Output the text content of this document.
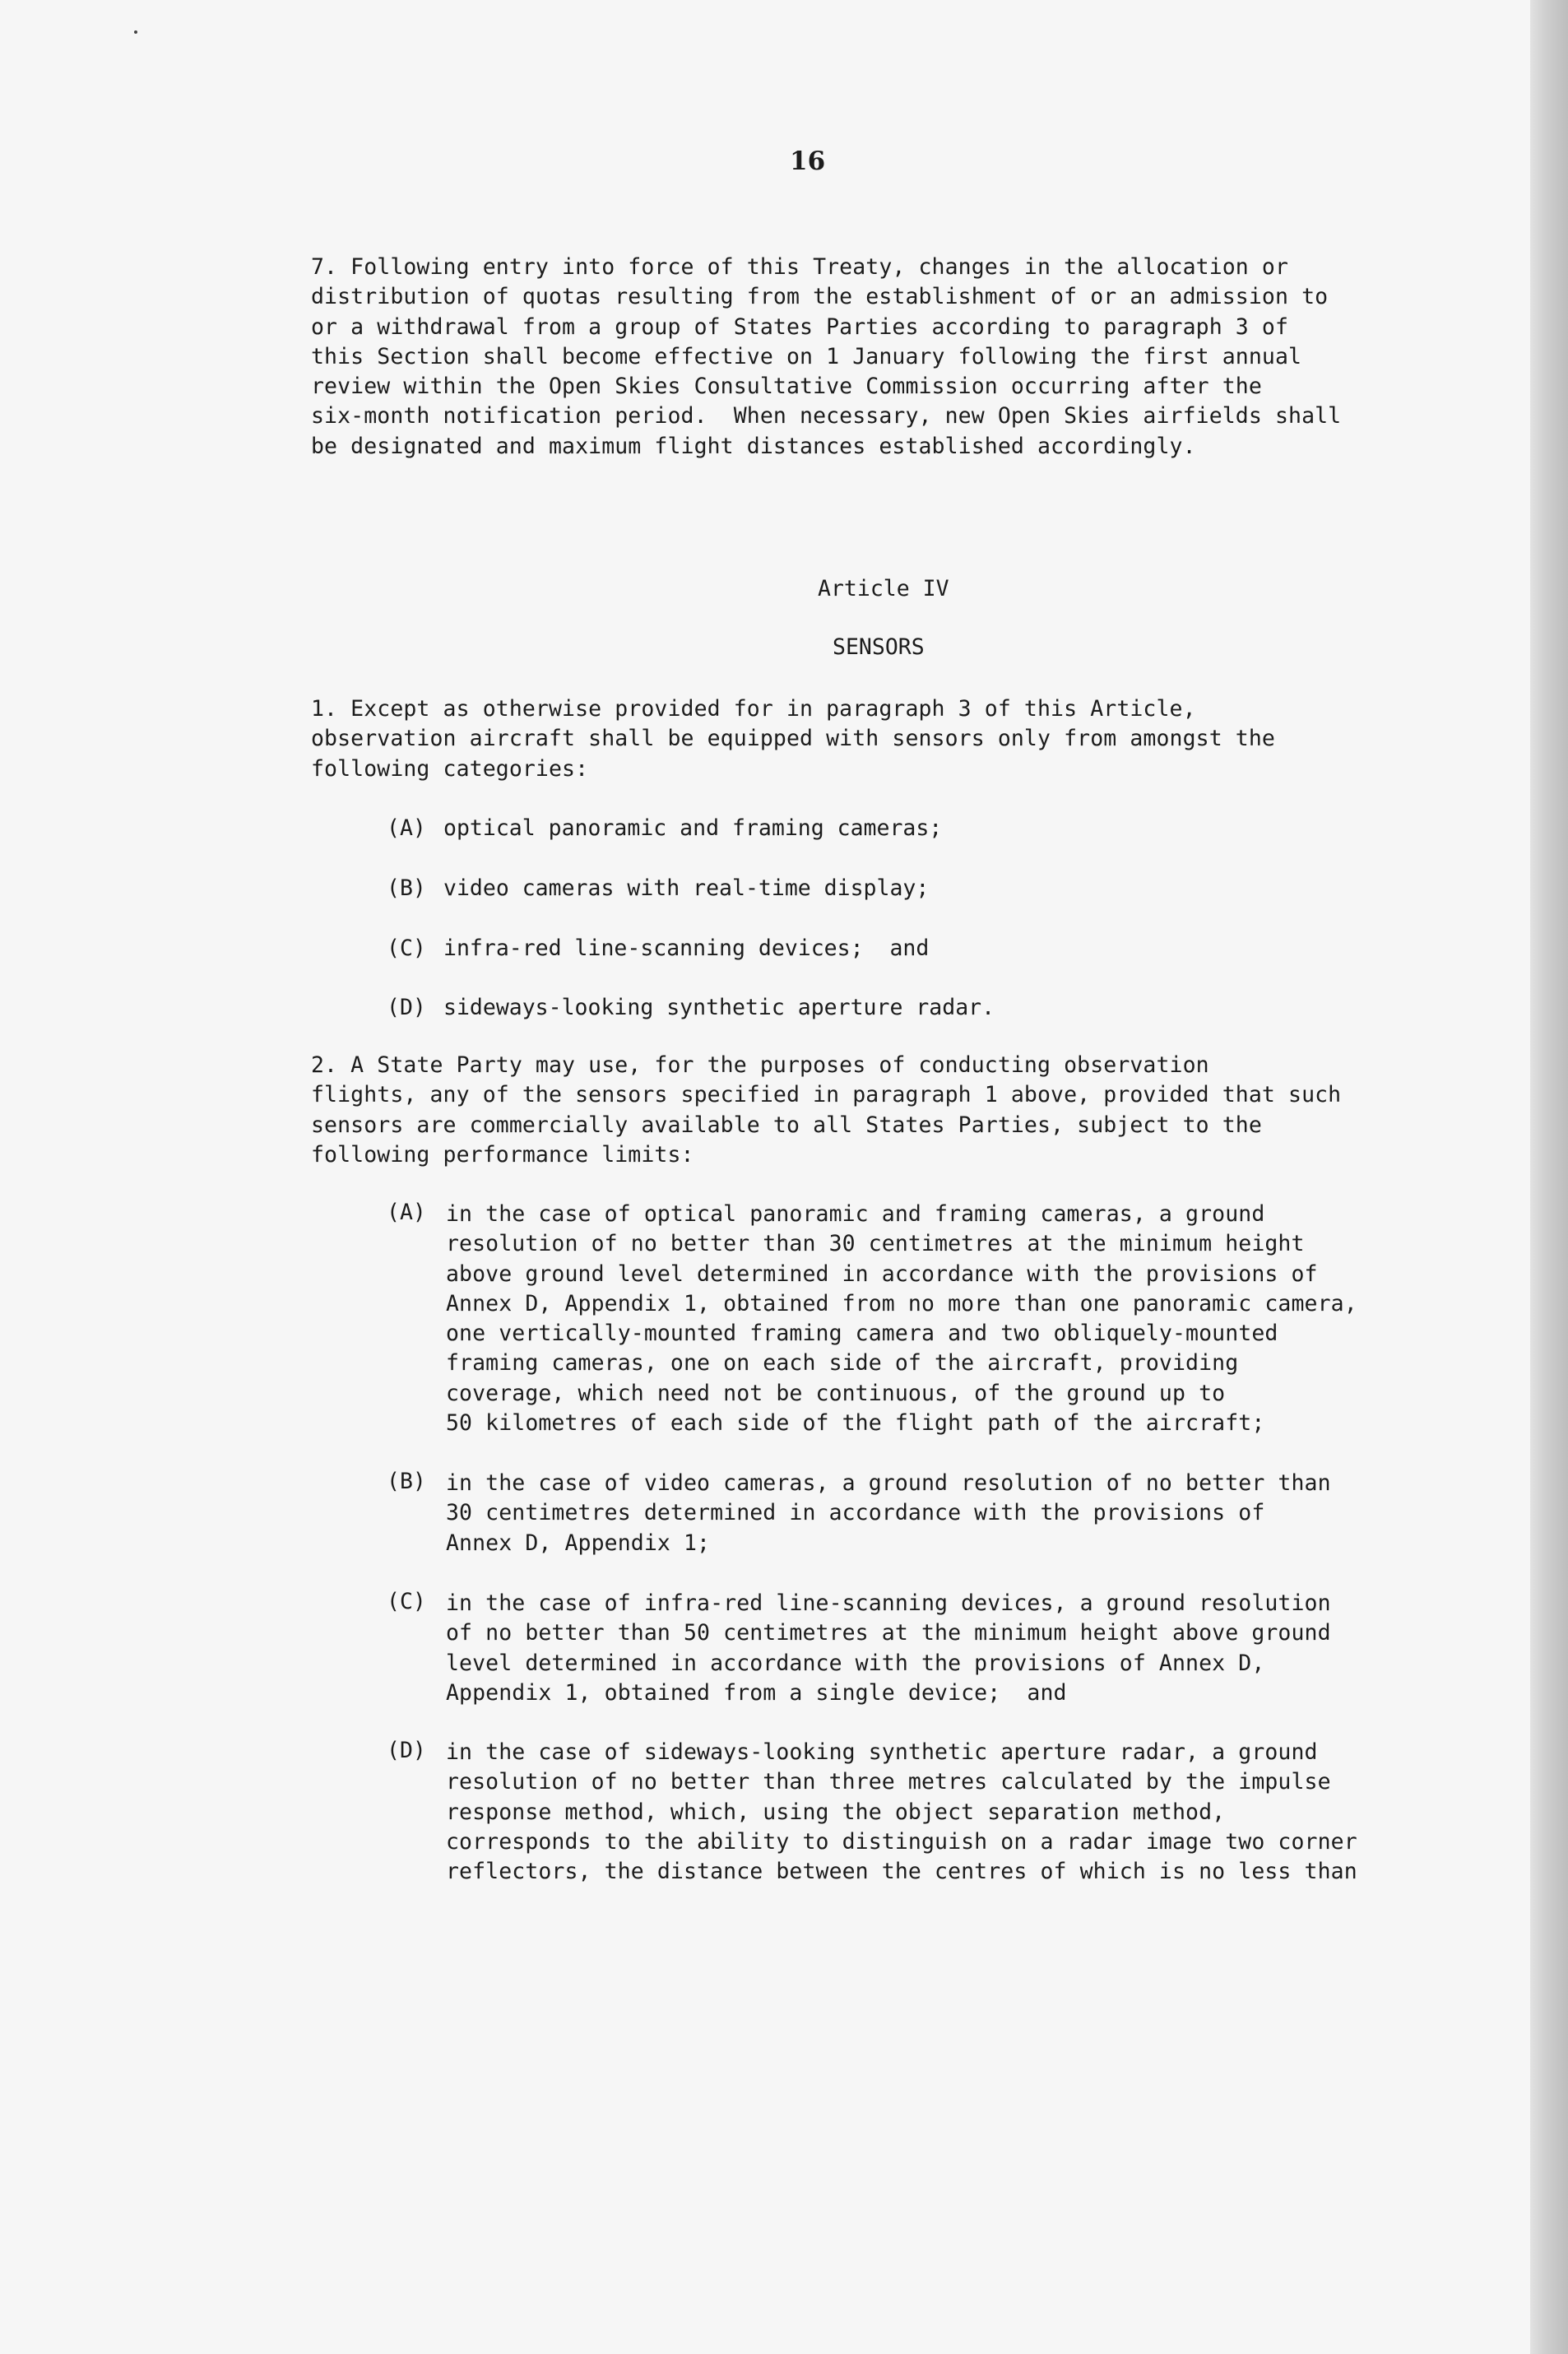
16
7. Following entry into force of this Treaty, changes in the allocation or
distribution of quotas resulting from the establishment of or an admission to
or a withdrawal from a group of States Parties according to paragraph 3 of
this Section shall become effective on 1 January following the first annual
review within the Open Skies Consultative Commission occurring after the
six-month notification period.  When necessary, new Open Skies airfields shall
be designated and maximum flight distances established accordingly.
Article IV
SENSORS
1. Except as otherwise provided for in paragraph 3 of this Article,
observation aircraft shall be equipped with sensors only from amongst the
following categories:
(A) optical panoramic and framing cameras;
(B) video cameras with real-time display;
(C) infra-red line-scanning devices;  and
(D) sideways-looking synthetic aperture radar.
2. A State Party may use, for the purposes of conducting observation
flights, any of the sensors specified in paragraph 1 above, provided that such
sensors are commercially available to all States Parties, subject to the
following performance limits:
(A) in the case of optical panoramic and framing cameras, a ground
resolution of no better than 30 centimetres at the minimum height
above ground level determined in accordance with the provisions of
Annex D, Appendix 1, obtained from no more than one panoramic camera,
one vertically-mounted framing camera and two obliquely-mounted
framing cameras, one on each side of the aircraft, providing
coverage, which need not be continuous, of the ground up to
50 kilometres of each side of the flight path of the aircraft;
(B) in the case of video cameras, a ground resolution of no better than
30 centimetres determined in accordance with the provisions of
Annex D, Appendix 1;
(C) in the case of infra-red line-scanning devices, a ground resolution
of no better than 50 centimetres at the minimum height above ground
level determined in accordance with the provisions of Annex D,
Appendix 1, obtained from a single device;  and
(D) in the case of sideways-looking synthetic aperture radar, a ground
resolution of no better than three metres calculated by the impulse
response method, which, using the object separation method,
corresponds to the ability to distinguish on a radar image two corner
reflectors, the distance between the centres of which is no less than
